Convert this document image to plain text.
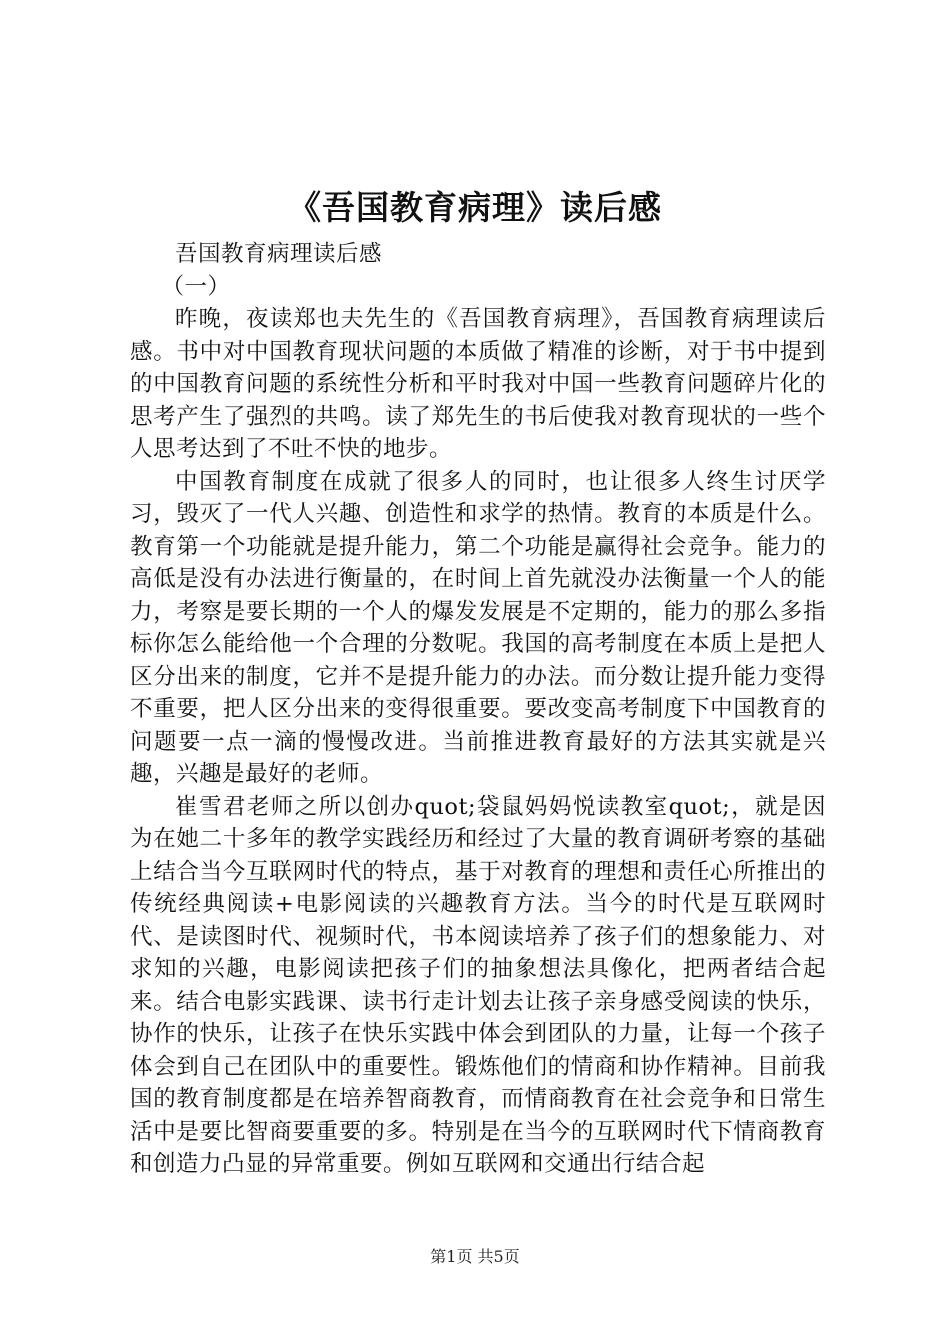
《吾国教育病理》读后感

吾国教育病理读后感

（一）

昨晚，夜读郑也夫先生的《吾国教育病理》，吾国教育病理读后感。书中对中国教育现状问题的本质做了精准的诊断，对于书中提到的中国教育问题的系统性分析和平时我对中国一些教育问题碎片化的思考产生了强烈的共鸣。读了郑先生的书后使我对教育现状的一些个人思考达到了不吐不快的地步。

中国教育制度在成就了很多人的同时，也让很多人终生讨厌学习，毁灭了一代人兴趣、创造性和求学的热情。教育的本质是什么。教育第一个功能就是提升能力，第二个功能是赢得社会竞争。能力的高低是没有办法进行衡量的，在时间上首先就没办法衡量一个人的能力，考察是要长期的一个人的爆发发展是不定期的，能力的那么多指标你怎么能给他一个合理的分数呢。我国的高考制度在本质上是把人区分出来的制度，它并不是提升能力的办法。而分数让提升能力变得不重要，把人区分出来的变得很重要。要改变高考制度下中国教育的问题要一点一滴的慢慢改进。当前推进教育最好的方法其实就是兴趣，兴趣是最好的老师。

崔雪君老师之所以创办quot;袋鼠妈妈悦读教室quot;，就是因为在她二十多年的教学实践经历和经过了大量的教育调研考察的基础上结合当今互联网时代的特点，基于对教育的理想和责任心所推出的传统经典阅读+电影阅读的兴趣教育方法。当今的时代是互联网时代、是读图时代、视频时代，书本阅读培养了孩子们的想象能力、对求知的兴趣，电影阅读把孩子们的抽象想法具像化，把两者结合起来。结合电影实践课、读书行走计划去让孩子亲身感受阅读的快乐，协作的快乐，让孩子在快乐实践中体会到团队的力量，让每一个孩子体会到自己在团队中的重要性。锻炼他们的情商和协作精神。目前我国的教育制度都是在培养智商教育，而情商教育在社会竞争和日常生活中是要比智商要重要的多。特别是在当今的互联网时代下情商教育和创造力凸显的异常重要。例如互联网和交通出行结合起

第1页 共5页
